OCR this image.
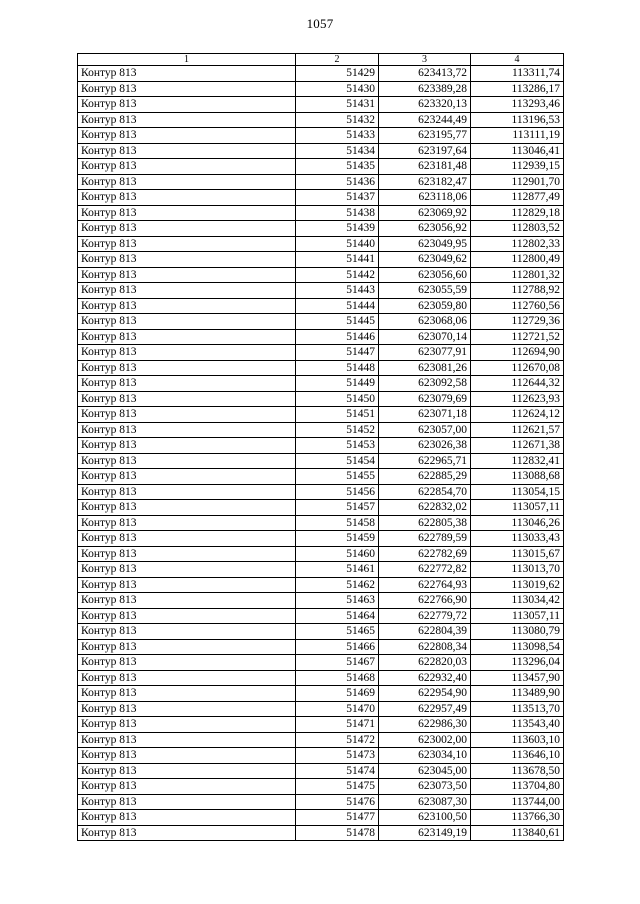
1057
1	2	3	4
Контур 813	51429	623413,72	113311,74
Контур 813	51430	623389,28	113286,17
Контур 813	51431	623320,13	113293,46
Контур 813	51432	623244,49	113196,53
Контур 813	51433	623195,77	113111,19
Контур 813	51434	623197,64	113046,41
Контур 813	51435	623181,48	112939,15
Контур 813	51436	623182,47	112901,70
Контур 813	51437	623118,06	112877,49
Контур 813	51438	623069,92	112829,18
Контур 813	51439	623056,92	112803,52
Контур 813	51440	623049,95	112802,33
Контур 813	51441	623049,62	112800,49
Контур 813	51442	623056,60	112801,32
Контур 813	51443	623055,59	112788,92
Контур 813	51444	623059,80	112760,56
Контур 813	51445	623068,06	112729,36
Контур 813	51446	623070,14	112721,52
Контур 813	51447	623077,91	112694,90
Контур 813	51448	623081,26	112670,08
Контур 813	51449	623092,58	112644,32
Контур 813	51450	623079,69	112623,93
Контур 813	51451	623071,18	112624,12
Контур 813	51452	623057,00	112621,57
Контур 813	51453	623026,38	112671,38
Контур 813	51454	622965,71	112832,41
Контур 813	51455	622885,29	113088,68
Контур 813	51456	622854,70	113054,15
Контур 813	51457	622832,02	113057,11
Контур 813	51458	622805,38	113046,26
Контур 813	51459	622789,59	113033,43
Контур 813	51460	622782,69	113015,67
Контур 813	51461	622772,82	113013,70
Контур 813	51462	622764,93	113019,62
Контур 813	51463	622766,90	113034,42
Контур 813	51464	622779,72	113057,11
Контур 813	51465	622804,39	113080,79
Контур 813	51466	622808,34	113098,54
Контур 813	51467	622820,03	113296,04
Контур 813	51468	622932,40	113457,90
Контур 813	51469	622954,90	113489,90
Контур 813	51470	622957,49	113513,70
Контур 813	51471	622986,30	113543,40
Контур 813	51472	623002,00	113603,10
Контур 813	51473	623034,10	113646,10
Контур 813	51474	623045,00	113678,50
Контур 813	51475	623073,50	113704,80
Контур 813	51476	623087,30	113744,00
Контур 813	51477	623100,50	113766,30
Контур 813	51478	623149,19	113840,61
